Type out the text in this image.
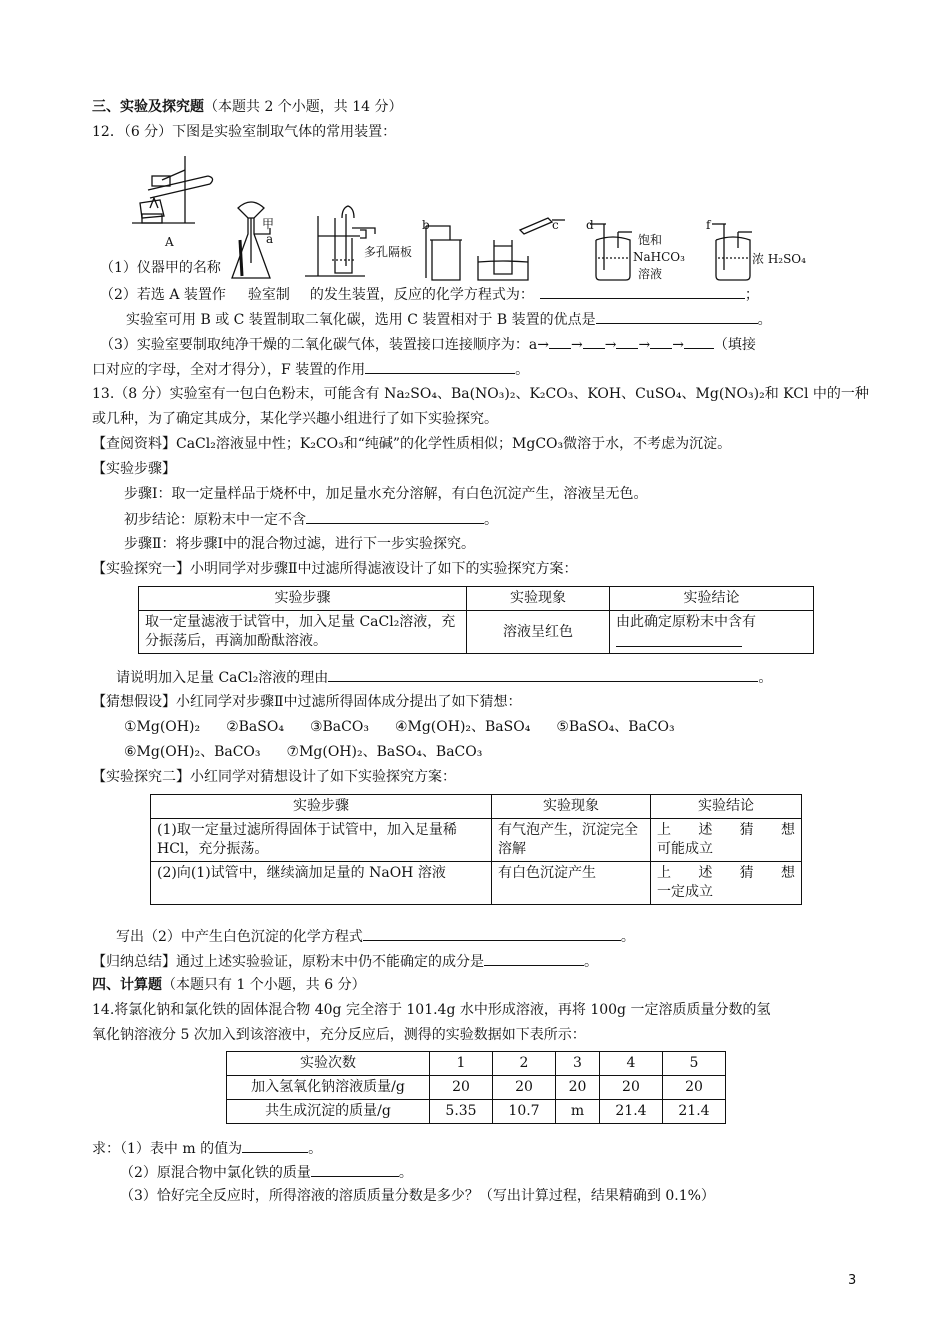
三、实验及探究题（本题共 2 个小题，共 14 分）
12．（6 分）下图是实验室制取气体的常用装置：
A
甲
a
多孔隔板
b	c d
饱和
NaHCO₃
溶液
f
浓 H₂SO₄
（1）仪器甲的名称
（2）若选 A 装置作 验室制 的发生装置，反应的化学方程式为：	；
实验室可用 B 或 C 装置制取二氧化碳，选用 C 装置相对于 B 装置的优点是	。
（3）实验室要制取纯净干燥的二氧化碳气体，装置接口连接顺序为：a→ → → → → （填接
口对应的字母，全对才得分），F 装置的作用	。
13.（8 分）实验室有一包白色粉末，可能含有 Na₂SO₄、Ba(NO₃)₂、K₂CO₃、KOH、CuSO₄、Mg(NO₃)₂和 KCl 中的一种
或几种，为了确定其成分，某化学兴趣小组进行了如下实验探究。
【查阅资料】CaCl₂溶液显中性；K₂CO₃和“纯碱”的化学性质相似；MgCO₃微溶于水，不考虑为沉淀。
【实验步骤】
步骤Ⅰ：取一定量样品于烧杯中，加足量水充分溶解，有白色沉淀产生，溶液呈无色。
初步结论：原粉末中一定不含	。
步骤Ⅱ：将步骤Ⅰ中的混合物过滤，进行下一步实验探究。
【实验探究一】小明同学对步骤Ⅱ中过滤所得滤液设计了如下的实验探究方案：
实验步骤	实验现象	实验结论
取一定量滤液于试管中，加入足量 CaCl₂溶液，充分振荡后，再滴加酚酞溶液。	溶液呈红色	由此确定原粉末中含有
请说明加入足量 CaCl₂溶液的理由	。
【猜想假设】小红同学对步骤Ⅱ中过滤所得固体成分提出了如下猜想：
①Mg(OH)₂ ②BaSO₄ ③BaCO₃ ④Mg(OH)₂、BaSO₄ ⑤BaSO₄、BaCO₃
⑥Mg(OH)₂、BaCO₃ ⑦Mg(OH)₂、BaSO₄、BaCO₃
【实验探究二】小红同学对猜想设计了如下实验探究方案：
实验步骤	实验现象	实验结论
(1)取一定量过滤所得固体于试管中，加入足量稀 HCl，充分振荡。	有气泡产生，沉淀完全溶解	上述猜想
可能成立

(2)向(1)试管中，继续滴加足量的 NaOH 溶液	有白色沉淀产生	上述猜想
一定成立
写出（2）中产生白色沉淀的化学方程式	。
【归纳总结】通过上述实验验证，原粉末中仍不能确定的成分是	。
四、计算题（本题只有 1 个小题，共 6 分）
14.将氯化钠和氯化铁的固体混合物 40g 完全溶于 101.4g 水中形成溶液，再将 100g 一定溶质质量分数的氢
氧化钠溶液分 5 次加入到该溶液中，充分反应后，测得的实验数据如下表所示：
实验次数	1	2	3	4	5
加入氢氧化钠溶液质量/g	20	20	20	20	20
共生成沉淀的质量/g	5.35	10.7	m	21.4	21.4
求：（1）表中 m 的值为	。
（2）原混合物中氯化铁的质量	。
（3）恰好完全反应时，所得溶液的溶质质量分数是多少？（写出计算过程，结果精确到 0.1%）
3
